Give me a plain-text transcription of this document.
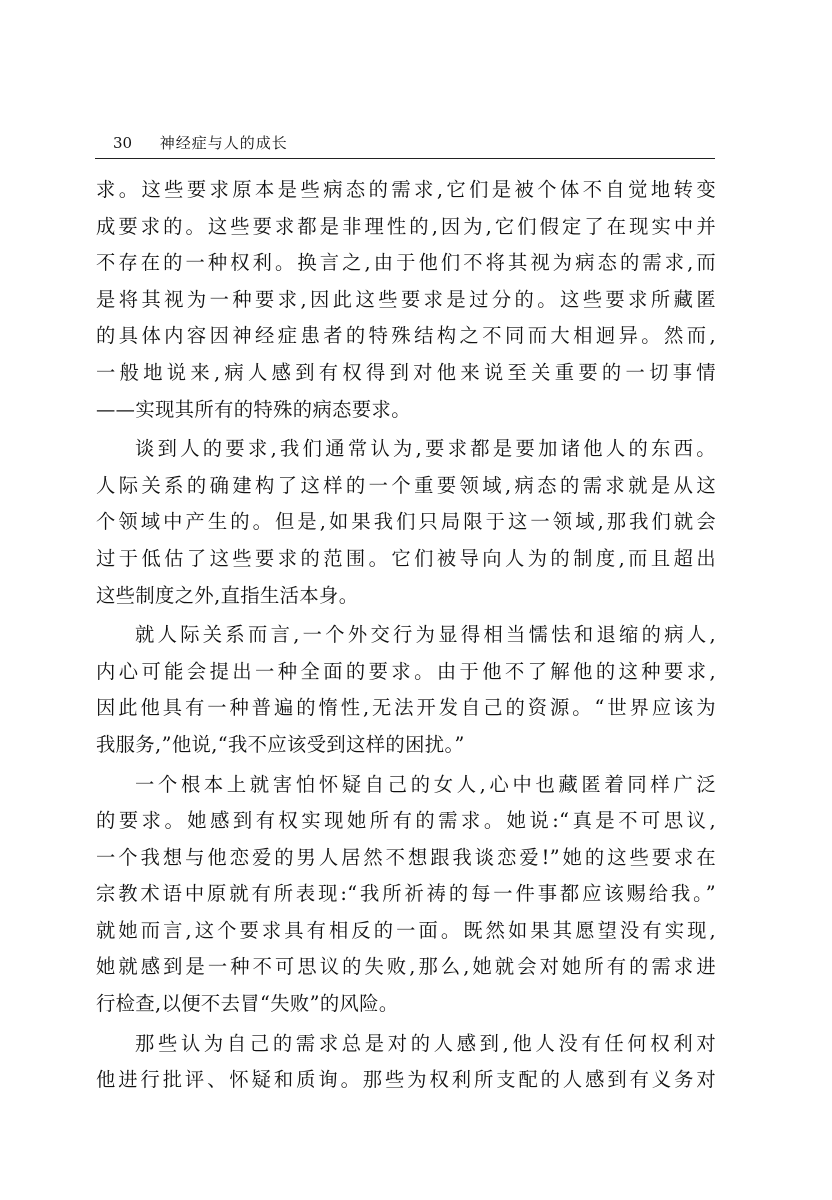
30 神经症与人的成长
求。这些要求原本是些病态的需求,它们是被个体不自觉地转变
成要求的。这些要求都是非理性的,因为,它们假定了在现实中并
不存在的一种权利。换言之,由于他们不将其视为病态的需求,而
是将其视为一种要求,因此这些要求是过分的。这些要求所藏匿
的具体内容因神经症患者的特殊结构之不同而大相迥异。然而,
一般地说来,病人感到有权得到对他来说至关重要的一切事情
——实现其所有的特殊的病态要求。
谈到人的要求,我们通常认为,要求都是要加诸他人的东西。
人际关系的确建构了这样的一个重要领域,病态的需求就是从这
个领域中产生的。但是,如果我们只局限于这一领域,那我们就会
过于低估了这些要求的范围。它们被导向人为的制度,而且超出
这些制度之外,直指生活本身。
就人际关系而言,一个外交行为显得相当懦怯和退缩的病人,
内心可能会提出一种全面的要求。由于他不了解他的这种要求,
因此他具有一种普遍的惰性,无法开发自己的资源。“世界应该为
我服务,”他说,“我不应该受到这样的困扰。”
一个根本上就害怕怀疑自己的女人,心中也藏匿着同样广泛
的要求。她感到有权实现她所有的需求。她说:“真是不可思议,
一个我想与他恋爱的男人居然不想跟我谈恋爱!”她的这些要求在
宗教术语中原就有所表现:“我所祈祷的每一件事都应该赐给我。”
就她而言,这个要求具有相反的一面。既然如果其愿望没有实现,
她就感到是一种不可思议的失败,那么,她就会对她所有的需求进
行检查,以便不去冒“失败”的风险。
那些认为自己的需求总是对的人感到,他人没有任何权利对
他进行批评、怀疑和质询。那些为权利所支配的人感到有义务对
